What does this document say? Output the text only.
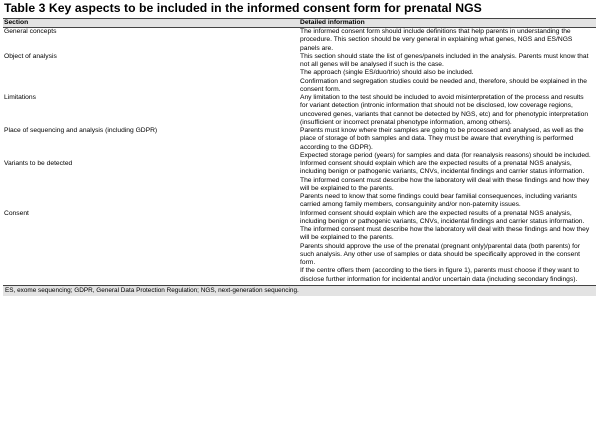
Table 3 Key aspects to be included in the informed consent form for prenatal NGS
Section	Detailed information
General concepts	The informed consent form should include definitions that help parents in understanding the procedure. This section should be very general in explaining what genes, NGS and ES/NGS panels are.
Object of analysis	This section should state the list of genes/panels included in the analysis. Parents must know that not all genes will be analysed if such is the case.
The approach (single ES/duo/trio) should also be included.
Confirmation and segregation studies could be needed and, therefore, should be explained in the consent form.
Limitations	Any limitation to the test should be included to avoid misinterpretation of the process and results for variant detection (intronic information that should not be disclosed, low coverage regions, uncovered genes, variants that cannot be detected by NGS, etc) and for phenotypic interpretation (insufficient or incorrect prenatal phenotype information, among others).
Place of sequencing and analysis (including GDPR)	Parents must know where their samples are going to be processed and analysed, as well as the place of storage of both samples and data. They must be aware that everything is performed according to the GDPR).
Expected storage period (years) for samples and data (for reanalysis reasons) should be included.
Variants to be detected	Informed consent should explain which are the expected results of a prenatal NGS analysis, including benign or pathogenic variants, CNVs, incidental findings and carrier status information. The informed consent must describe how the laboratory will deal with these findings and how they will be explained to the parents.
Parents need to know that some findings could bear familial consequences, including variants carried among family members, consanguinity and/or non-paternity issues.
Consent	Informed consent should explain which are the expected results of a prenatal NGS analysis, including benign or pathogenic variants, CNVs, incidental findings and carrier status information. The informed consent must describe how the laboratory will deal with these findings and how they will be explained to the parents.
Parents should approve the use of the prenatal (pregnant only)/parental data (both parents) for such analysis. Any other use of samples or data should be specifically approved in the consent form.
If the centre offers them (according to the tiers in figure 1), parents must choose if they want to disclose further information for incidental and/or uncertain data (including secondary findings).
ES, exome sequencing; GDPR, General Data Protection Regulation; NGS, next-generation sequencing.
